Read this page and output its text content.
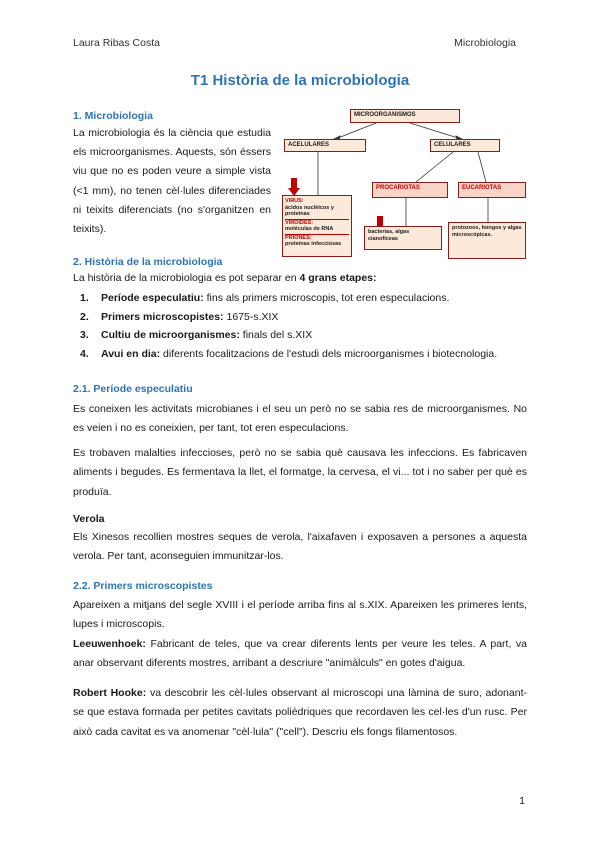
Laura Ribas Costa	Microbiologia
T1 Història de la microbiologia
1. Microbiologia

La microbiologia és la ciència que estudia els microorganismes. Aquests, són éssers viu que no es poden veure a simple vista (<1 mm), no tenen cèl·lules diferenciades ni teixits diferenciats (no s'organitzen en teixits).

MICROORGANISMOS
ACELULARES	CELULARES
PROCARIOTAS	EUCARIOTAS
VIRUS:
ácidos nucléicos y proteínas
VIROIDES:
moléculas de RNA
PRIONES:
proteínas infecciosas
bacterias, algas cianofíceas
protozoos, hongos y algas microscópicas.
2. Història de la microbiologia
La història de la microbiologia es pot separar en 4 grans etapes:
1. Període especulatiu: fins als primers microscopis, tot eren especulacions.
2. Primers microscopistes: 1675-s.XIX
3. Cultiu de microorganismes: finals del s.XIX
4. Avui en dia: diferents focalitzacions de l'estudi dels microorganismes i biotecnologia.
2.1. Període especulatiu

Es coneixen les activitats microbianes i el seu un però no se sabia res de microorganismes. No es veien i no es coneixien, per tant, tot eren especulacions.

Es trobaven malalties infeccioses, però no se sabia què causava les infeccions. Es fabricaven aliments i begudes. Es fermentava la llet, el formatge, la cervesa, el vi... tot i no saber per què es produïa.

Verola

Els Xinesos recollien mostres seques de verola, l'aixafaven i exposaven a persones a aquesta verola. Per tant, aconseguien immunitzar-los.

2.2. Primers microscopistes

Apareixen a mitjans del segle XVIII i el període arriba fins al s.XIX. Apareixen les primeres lents, lupes i microscopis.

Leeuwenhoek: Fabricant de teles, que va crear diferents lents per veure les teles. A part, va anar observant diferents mostres, arribant a descriure "animàlculs" en gotes d'aigua.

Robert Hooke: va descobrir les cèl·lules observant al microscopi una làmina de suro, adonant-se que estava formada per petites cavitats polièdriques que recordaven les cel·les d'un rusc. Per això cada cavitat es va anomenar "cèl·lula" ("cell"). Descriu els fongs filamentosos.

1
